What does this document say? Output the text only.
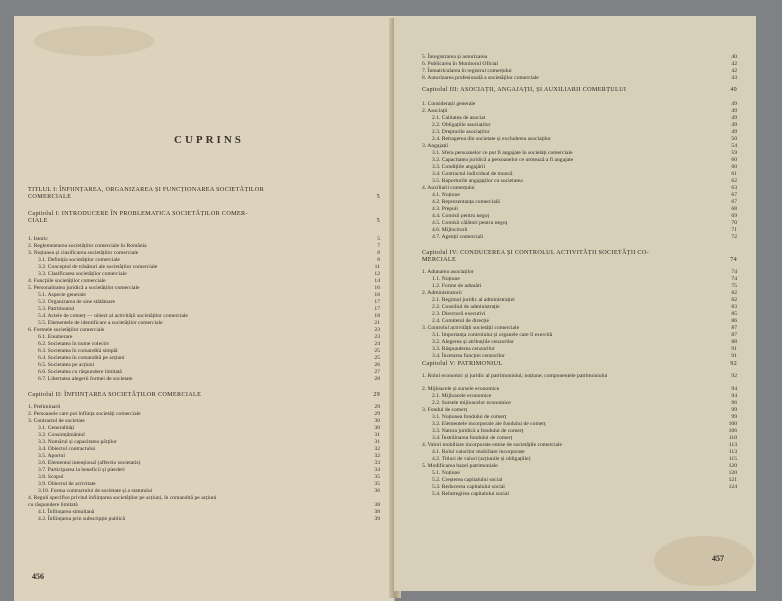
CUPRINS
TITLUL I: ÎNFIINȚAREA, ORGANIZAREA ȘI FUNCȚIONAREA SOCIETĂȚILOR
COMERCIALE	5
Capitolul I: INTRODUCERE ÎN PROBLEMATICA SOCIETĂȚILOR COMER-
CIALE	5
1. Istoric	5
2. Reglementarea societăților comerciale în România	7
3. Noțiunea și clasificarea societăților comerciale	8
3.1. Definiția societăților comerciale	8
3.2. Conceptul de trăsături ale societăților comerciale	11
3.3. Clasificarea societăților comerciale	12
4. Funcțiile societăților comerciale	14
5. Personalitatea juridică a societăților comerciale	16
5.1. Aspecte generale	16
5.2. Organizarea de sine stătătoare	17
5.3. Patrimoniul	17
5.4. Actele de comerț — obiect al activității societăților comerciale	18
5.5. Elementele de identificare a societăților comerciale	21
6. Formele societăților comerciale	23
6.1. Enumerare	23
6.2. Societatea în nume colectiv	24
6.3. Societatea în comandită simplă	25
6.4. Societatea în comandită pe acțiuni	25
6.5. Societatea pe acțiuni	26
6.6. Societatea cu răspundere limitată	27
6.7. Libertatea alegerii formei de societate	28
Capitolul II: ÎNFIINȚAREA SOCIETĂȚILOR COMERCIALE	29
1. Preliminarii	29
2. Persoanele care pot înființa societăți comerciale	29
3. Contractul de societate	30
3.1. Generalități	30
3.2. Consimțământul	31
3.3. Numărul și capacitatea părților	31
3.4. Obiectul contractului	32
3.5. Aportul	32
3.6. Elementul intențional (affectio societatis)	33
3.7. Participarea la beneficii și pierderi	34
3.8. Scopul	35
3.9. Obiectul de activitate	35
3.10. Forma contractului de societate și a statutului	36
4. Reguli specifice privind înființarea societăților pe acțiuni, în comandită pe acțiuni
cu răspundere limitată	38
4.1. Înființarea simultană	38
4.2. Înființarea prin subscripție publică	39
456
5. Înregistrarea și autorizarea	40
6. Publicarea în Monitorul Oficial	42
7. Înmatricularea în registrul comerțului	42
8. Autorizarea profesională a societăților comerciale	43
Capitolul III: ASOCIAȚII, ANGAJAȚII, ȘI AUXILIARII COMERȚULUI	49
1. Considerații generale	49
2. Asociații	49
2.1. Calitatea de asociat	49
2.2. Obligațiile asociaților	49
2.3. Drepturile asociaților	49
2.4. Retragerea din societate și excluderea asociaților	50
3. Angajații	54
3.1. Sfera persoanelor ce pot fi angajate în societăți comerciale	59
3.2. Capacitatea juridică a persoanelor ce urmează a fi angajate	60
3.3. Condițiile angajării	60
3.4. Contractul individual de muncă	61
3.5. Raporturile angajaților cu societatea	62
4. Auxiliarii comerțului	63
4.1. Noțiune	67
4.2. Reprezentanța comercială	67
4.3. Prepuii	68
4.4. Comisii pentru negoț	69
4.5. Comisii călători pentru negoț	70
4.6. Mijlocitorii	71
4.7. Agenții comerciali	72
Capitolul IV: CONDUCEREA ȘI CONTROLUL ACTIVITĂȚII SOCIETĂȚII CO-
MERCIALE	74
1. Adunarea asociaților	74
1.1. Noțiune	74
1.2. Forme de adunări	75
2. Administratorii	82
2.1. Regimul juridic al administrației	82
2.2. Consiliul de administrație	83
2.3. Directorii executivi	85
2.4. Comitetul de direcție	86
3. Controlul activității societății comerciale	87
3.1. Importanța controlului și organele care îl exercită	87
3.2. Alegerea și atribuțiile cenzorilor	88
3.3. Răspunderea cenzorilor	91
3.4. Încetarea funcției cenzorilor	91
Capitolul V: PATRIMONIUL	92
1. Rolul economic și juridic al patrimoniului; noțiune; componentele patrimoniului	92
2. Mijloacele și sursele economice	94
2.1. Mijloacele economice	94
2.2. Sursele mijloacelor economice	96
3. Fondul de comerț	99
3.1. Noțiunea fondului de comerț	99
3.2. Elementele incorporale ale fondului de comerț	100
3.3. Natura juridică a fondului de comerț	106
3.4. Înstrăinarea fondului de comerț	110
4. Valori mobiliare incorporate emise de societățile comerciale	113
4.1. Rolul valorilor mobiliare incorporate	113
4.2. Titluri de valori (acțiunile și obligațiile)	115
5. Modificarea bazei patrimoniale	120
5.1. Noțiune	120
5.2. Creșterea capitalului social	121
5.3. Reducerea capitalului social	124
5.4. Reîntregirea capitalului social
457
